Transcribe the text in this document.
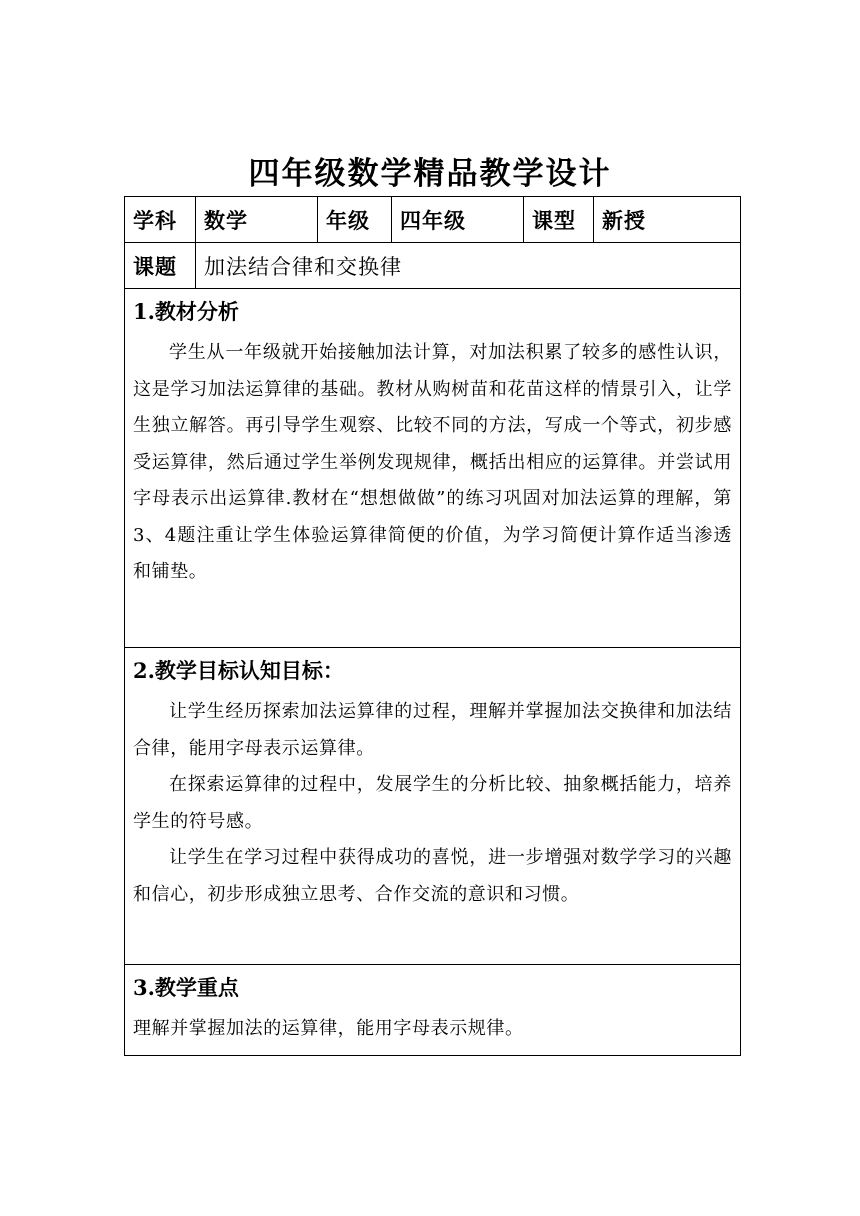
四年级数学精品教学设计
学科	数学	年级	四年级	课型	新授
课题	加法结合律和交换律				

1.教材分析

学生从一年级就开始接触加法计算，对加法积累了较多的感性认识，这是学习加法运算律的基础。教材从购树苗和花苗这样的情景引入，让学生独立解答。再引导学生观察、比较不同的方法，写成一个等式，初步感受运算律，然后通过学生举例发现规律，概括出相应的运算律。并尝试用字母表示出运算律.教材在“想想做做”的练习巩固对加法运算的理解，第3、4题注重让学生体验运算律简便的价值，为学习简便计算作适当渗透和铺垫。					

2.教学目标认知目标：

让学生经历探索加法运算律的过程，理解并掌握加法交换律和加法结合律，能用字母表示运算律。

在探索运算律的过程中，发展学生的分析比较、抽象概括能力，培养学生的符号感。

让学生在学习过程中获得成功的喜悦，进一步增强对数学学习的兴趣和信心，初步形成独立思考、合作交流的意识和习惯。					

3.教学重点

理解并掌握加法的运算律，能用字母表示规律。					
